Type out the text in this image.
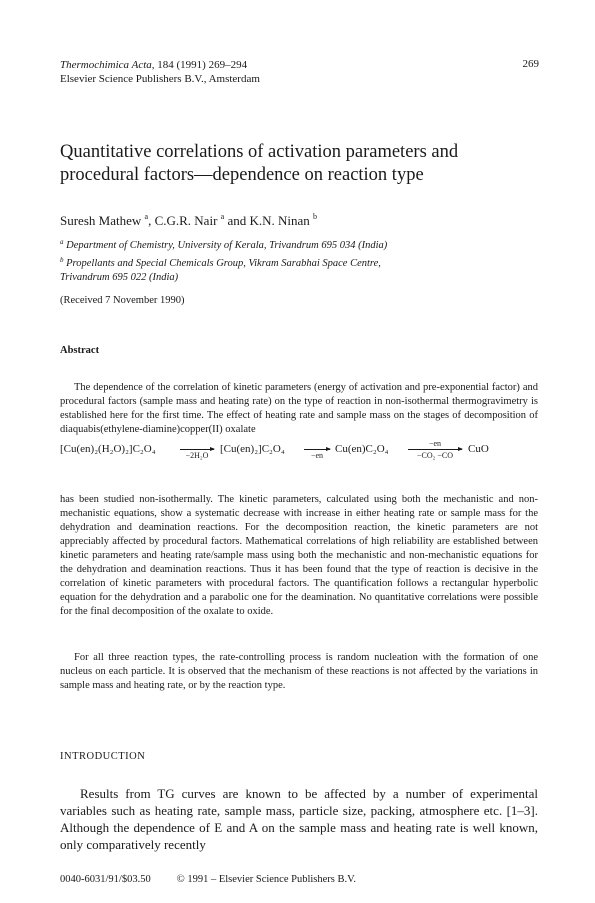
Thermochimica Acta, 184 (1991) 269–294
Elsevier Science Publishers B.V., Amsterdam
269
Quantitative correlations of activation parameters and
procedural factors—dependence on reaction type
Suresh Mathew $^a$, C.G.R. Nair $^a$ and K.N. Ninan $^b$
$^a$ Department of Chemistry, University of Kerala, Trivandrum 695 034 (India)
$^b$ Propellants and Special Chemicals Group, Vikram Sarabhai Space Centre,
Trivandrum 695 022 (India)
(Received 7 November 1990)
Abstract

The dependence of the correlation of kinetic parameters (energy of activation and pre-exponential factor) and procedural factors (sample mass and heating rate) on the type of reaction in non-isothermal thermogravimetry is established here for the first time. The effect of heating rate and sample mass on the stages of decomposition of diaquabis(ethylene-diamine)copper(II) oxalate

[Cu(en)₂(H₂O)₂]C₂O₄
−2H₂O
[Cu(en)₂]C₂O₄
−en
Cu(en)C₂O₄	−en
−CO₂ −CO
CuO

has been studied non-isothermally. The kinetic parameters, calculated using both the mechanistic and non-mechanistic equations, show a systematic decrease with increase in either heating rate or sample mass for the dehydration and deamination reactions. For the decomposition reaction, the kinetic parameters are not appreciably affected by procedural factors. Mathematical correlations of high reliability are established between kinetic parameters and heating rate/sample mass using both the mechanistic and non-mechanistic equations for the dehydration and deamination reactions. Thus it has been found that the type of reaction is decisive in the correlation of kinetic parameters with procedural factors. The quantification follows a rectangular hyperbolic equation for the dehydration and a parabolic one for the deamination. No quantitative correlations were possible for the final decomposition of the oxalate to oxide.

For all three reaction types, the rate-controlling process is random nucleation with the formation of one nucleus on each particle. It is observed that the mechanism of these reactions is not affected by the variations in sample mass and heating rate, or by the reaction type.

INTRODUCTION

Results from TG curves are known to be affected by a number of experimental variables such as heating rate, sample mass, particle size, packing, atmosphere etc. [1–3]. Although the dependence of E and A on the sample mass and heating rate is well known, only comparatively recently

0040-6031/91/$03.50 © 1991 – Elsevier Science Publishers B.V.
